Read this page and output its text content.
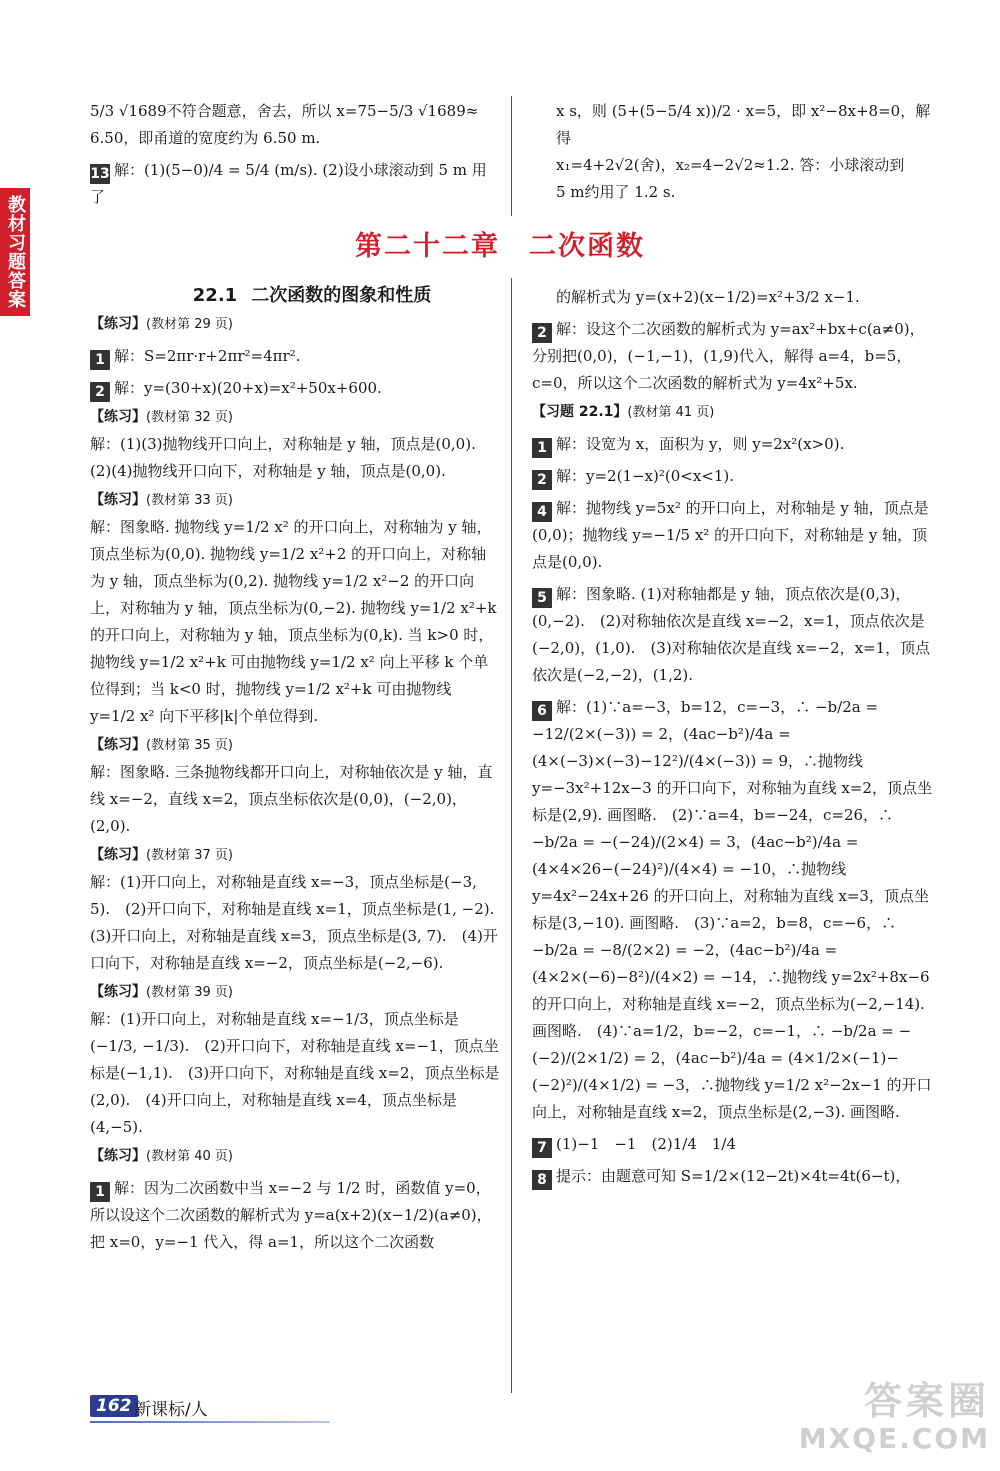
教材习题答案

5/3 √1689不符合题意，舍去，所以 x=75−5/3 √1689≈

6.50，即甬道的宽度约为 6.50 m.

13 解：(1)(5−0)/4 = 5/4 (m/s). (2)设小球滚动到 5 m 用了

x s，则 (5+(5−5/4 x))/2 · x=5，即 x²−8x+8=0，解得

x₁=4+2√2(舍)，x₂=4−2√2≈1.2. 答：小球滚动到

5 m约用了 1.2 s.

第二十二章　二次函数

22.1 二次函数的图象和性质

【练习】(教材第 29 页)

1 解：S=2πr·r+2πr²=4πr².

2 解：y=(30+x)(20+x)=x²+50x+600.

【练习】(教材第 32 页)

解：(1)(3)抛物线开口向上，对称轴是 y 轴，顶点是(0,0).

(2)(4)抛物线开口向下，对称轴是 y 轴，顶点是(0,0).

【练习】(教材第 33 页)

解：图象略. 抛物线 y=1/2 x² 的开口向上，对称轴为 y 轴，顶点坐标为(0,0). 抛物线 y=1/2 x²+2 的开口向上，对称轴为 y 轴，顶点坐标为(0,2). 抛物线 y=1/2 x²−2 的开口向上，对称轴为 y 轴，顶点坐标为(0,−2). 抛物线 y=1/2 x²+k 的开口向上，对称轴为 y 轴，顶点坐标为(0,k). 当 k>0 时，抛物线 y=1/2 x²+k 可由抛物线 y=1/2 x² 向上平移 k 个单位得到；当 k<0 时，抛物线 y=1/2 x²+k 可由抛物线 y=1/2 x² 向下平移|k|个单位得到.

【练习】(教材第 35 页)

解：图象略. 三条抛物线都开口向上，对称轴依次是 y 轴，直线 x=−2，直线 x=2，顶点坐标依次是(0,0)，(−2,0)，(2,0).

【练习】(教材第 37 页)

解：(1)开口向上，对称轴是直线 x=−3，顶点坐标是(−3, 5).　(2)开口向下，对称轴是直线 x=1，顶点坐标是(1, −2).　(3)开口向上，对称轴是直线 x=3，顶点坐标是(3, 7).　(4)开口向下，对称轴是直线 x=−2，顶点坐标是(−2,−6).

【练习】(教材第 39 页)

解：(1)开口向上，对称轴是直线 x=−1/3，顶点坐标是(−1/3, −1/3).　(2)开口向下，对称轴是直线 x=−1，顶点坐标是(−1,1).　(3)开口向下，对称轴是直线 x=2，顶点坐标是(2,0).　(4)开口向上，对称轴是直线 x=4，顶点坐标是(4,−5).

【练习】(教材第 40 页)

1 解：因为二次函数中当 x=−2 与 1/2 时，函数值 y=0，所以设这个二次函数的解析式为 y=a(x+2)(x−1/2)(a≠0)，把 x=0，y=−1 代入，得 a=1，所以这个二次函数

的解析式为 y=(x+2)(x−1/2)=x²+3/2 x−1.

2 解：设这个二次函数的解析式为 y=ax²+bx+c(a≠0)，分别把(0,0)，(−1,−1)，(1,9)代入，解得 a=4，b=5，c=0，所以这个二次函数的解析式为 y=4x²+5x.

【习题 22.1】(教材第 41 页)

1 解：设宽为 x，面积为 y，则 y=2x²(x>0).

2 解：y=2(1−x)²(0<x<1).

4 解：抛物线 y=5x² 的开口向上，对称轴是 y 轴，顶点是(0,0)；抛物线 y=−1/5 x² 的开口向下，对称轴是 y 轴，顶点是(0,0).

5 解：图象略. (1)对称轴都是 y 轴，顶点依次是(0,3)，(0,−2).　(2)对称轴依次是直线 x=−2，x=1，顶点依次是(−2,0)，(1,0).　(3)对称轴依次是直线 x=−2，x=1，顶点依次是(−2,−2)，(1,2).

6 解：(1)∵a=−3，b=12，c=−3，∴ −b/2a = −12/(2×(−3)) = 2，(4ac−b²)/4a = (4×(−3)×(−3)−12²)/(4×(−3)) = 9，∴抛物线 y=−3x²+12x−3 的开口向下，对称轴为直线 x=2，顶点坐标是(2,9). 画图略.　(2)∵a=4，b=−24，c=26，∴ −b/2a = −(−24)/(2×4) = 3，(4ac−b²)/4a = (4×4×26−(−24)²)/(4×4) = −10，∴抛物线 y=4x²−24x+26 的开口向上，对称轴为直线 x=3，顶点坐标是(3,−10). 画图略.　(3)∵a=2，b=8，c=−6，∴ −b/2a = −8/(2×2) = −2，(4ac−b²)/4a = (4×2×(−6)−8²)/(4×2) = −14，∴抛物线 y=2x²+8x−6 的开口向上，对称轴是直线 x=−2，顶点坐标为(−2,−14). 画图略.　(4)∵a=1/2，b=−2，c=−1，∴ −b/2a = −(−2)/(2×1/2) = 2，(4ac−b²)/4a = (4×1/2×(−1)−(−2)²)/(4×1/2) = −3，∴抛物线 y=1/2 x²−2x−1 的开口向上，对称轴是直线 x=2，顶点坐标是(2,−3). 画图略.

7 (1)−1　−1　(2)1/4　1/4

8 提示：由题意可知 S=1/2×(12−2t)×4t=4t(6−t)，

162 新课标/人	答案圈
MXQE.COM
